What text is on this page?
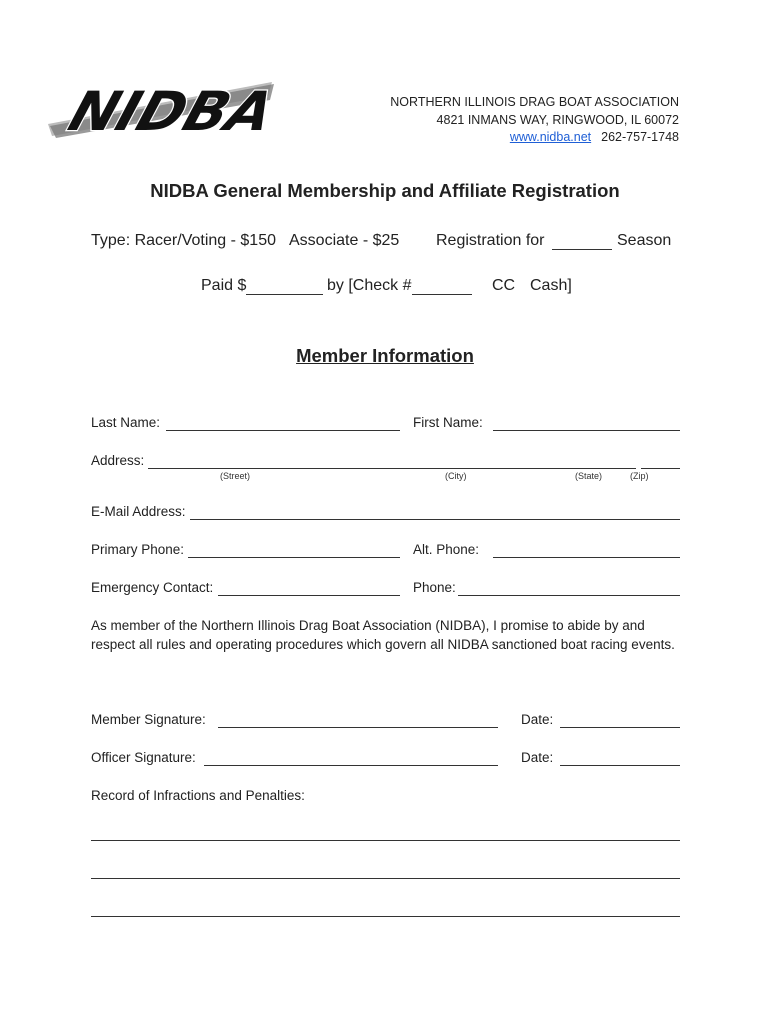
NIDBA	NORTHERN ILLINOIS DRAG BOAT ASSOCIATION
4821 INMANS WAY, RINGWOOD, IL 60072
www.nidba.net 262-757-1748
NIDBA General Membership and Affiliate Registration
Type: Racer/Voting - $150 Associate - $25 Registration for	Season
Paid $	by [Check #	CC Cash]
Member Information
Last Name:	First Name:
Address:
(Street)	(City)	(State)	(Zip)
E-Mail Address:
Primary Phone:	Alt. Phone:
Emergency Contact:	Phone:
As member of the Northern Illinois Drag Boat Association (NIDBA), I promise to abide by and respect all rules and operating procedures which govern all NIDBA sanctioned boat racing events.
Member Signature:	Date:
Officer Signature:	Date:
Record of Infractions and Penalties:
